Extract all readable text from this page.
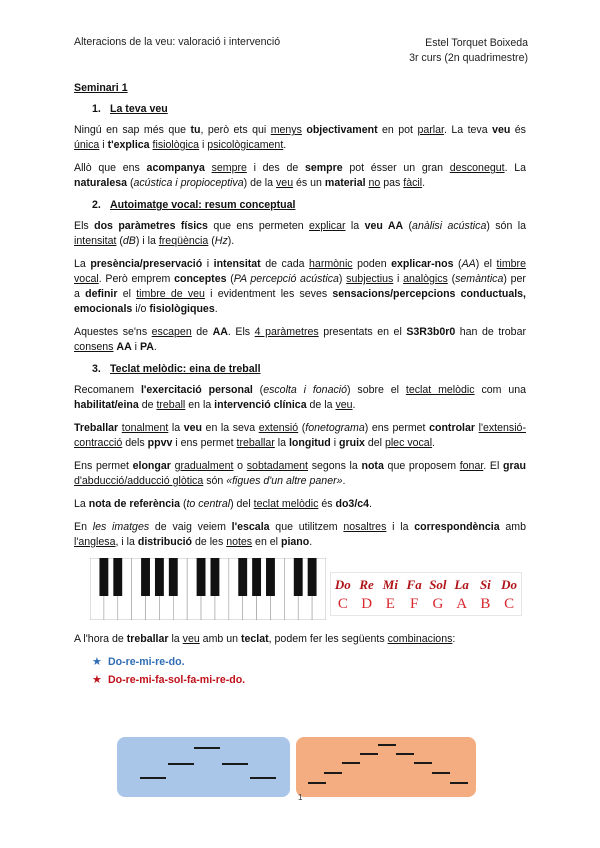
Alteracions de la veu: valoració i intervenció	Estel Torquet Boixeda
3r curs (2n quadrimestre)
Seminari 1
1. La teva veu

Ningú en sap més que tu, però ets qui menys objectivament en pot parlar. La teva veu és única i t'explica fisiològica i psicològicament.

Allò que ens acompanya sempre i des de sempre pot ésser un gran desconegut. La naturalesa (acústica i propioceptiva) de la veu és un material no pas fàcil.

2. Autoimatge vocal: resum conceptual

Els dos paràmetres físics que ens permeten explicar la veu AA (anàlisi acústica) són la intensitat (dB) i la freqüència (Hz).

La presència/preservació i intensitat de cada harmònic poden explicar-nos (AA) el timbre vocal. Però emprem conceptes (PA percepció acústica) subjectius i analògics (semàntica) per a definir el timbre de veu i evidentment les seves sensacions/percepcions conductuals, emocionals i/o fisiològiques.

Aquestes se'ns escapen de AA. Els 4 paràmetres presentats en el S3R3b0r0 han de trobar consens AA i PA.

3. Teclat melòdic: eina de treball

Recomanem l'exercitació personal (escolta i fonació) sobre el teclat melòdic com una habilitat/eina de treball en la intervenció clínica de la veu.

Treballar tonalment la veu en la seva extensió (fonetograma) ens permet controlar l'extensió-contracció dels ppvv i ens permet treballar la longitud i gruix del plec vocal.

Ens permet elongar gradualment o sobtadament segons la nota que proposem fonar. El grau d'abducció/adducció glòtica són «figues d'un altre paner».

La nota de referència (to central) del teclat melòdic és do3/c4.

En les imatges de vaig veiem l'escala que utilitzem nosaltres i la correspondència amb l'anglesa, i la distribució de les notes en el piano.

Do Re Mi Fa Sol La Si Do
C D E F G A B C

A l'hora de treballar la veu amb un teclat, podem fer les següents combinacions:

★ Do-re-mi-re-do.
★ Do-re-mi-fa-sol-fa-mi-re-do.
1
